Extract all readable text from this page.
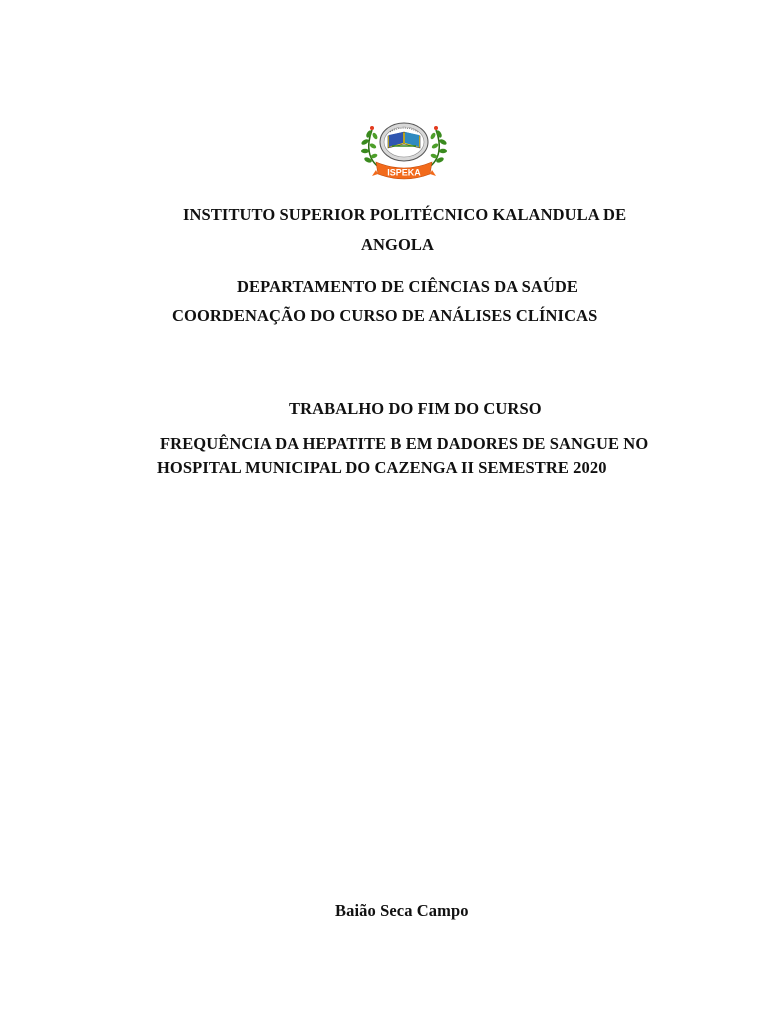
ISPEKA
INSTITUTO SUPERIOR POLITÉCNICO KALANDULA DE
ANGOLA
DEPARTAMENTO DE CIÊNCIAS DA SAÚDE
COORDENAÇÃO DO CURSO DE ANÁLISES CLÍNICAS
TRABALHO DO FIM DO CURSO
FREQUÊNCIA DA HEPATITE B EM DADORES DE SANGUE NO
HOSPITAL MUNICIPAL DO CAZENGA II SEMESTRE 2020
Baião Seca Campo
